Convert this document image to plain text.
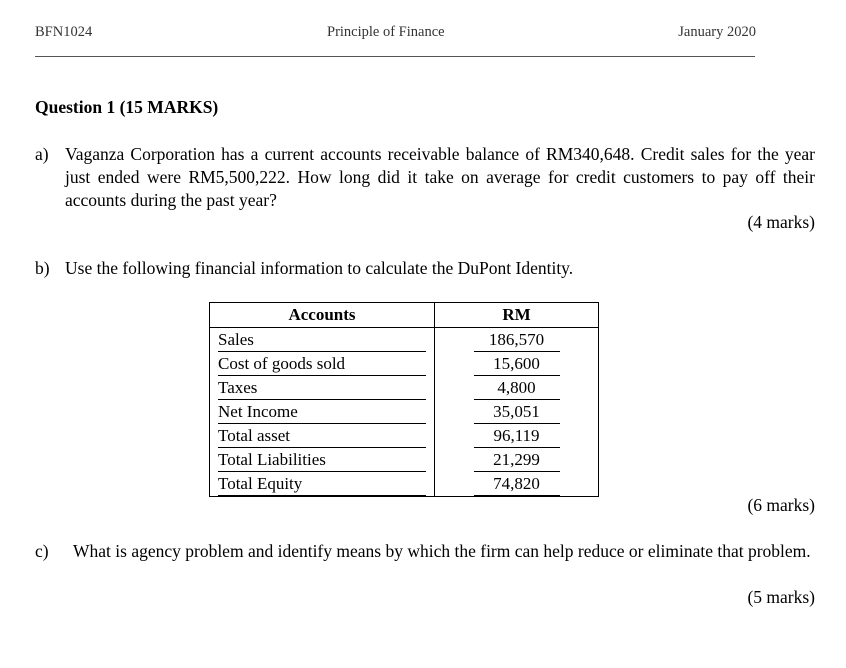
BFN1024	Principle of Finance	January 2020
Question 1 (15 MARKS)
a) Vaganza Corporation has a current accounts receivable balance of RM340,648. Credit sales for the year just ended were RM5,500,222. How long did it take on average for credit customers to pay off their accounts during the past year?
(4 marks)
b) Use the following financial information to calculate the DuPont Identity.
Accounts	RM
Sales	186,570
Cost of goods sold	15,600
Taxes	4,800
Net Income	35,051
Total asset	96,119
Total Liabilities	21,299
Total Equity	74,820
(6 marks)
c) What is agency problem and identify means by which the firm can help reduce or eliminate that problem.
(5 marks)
